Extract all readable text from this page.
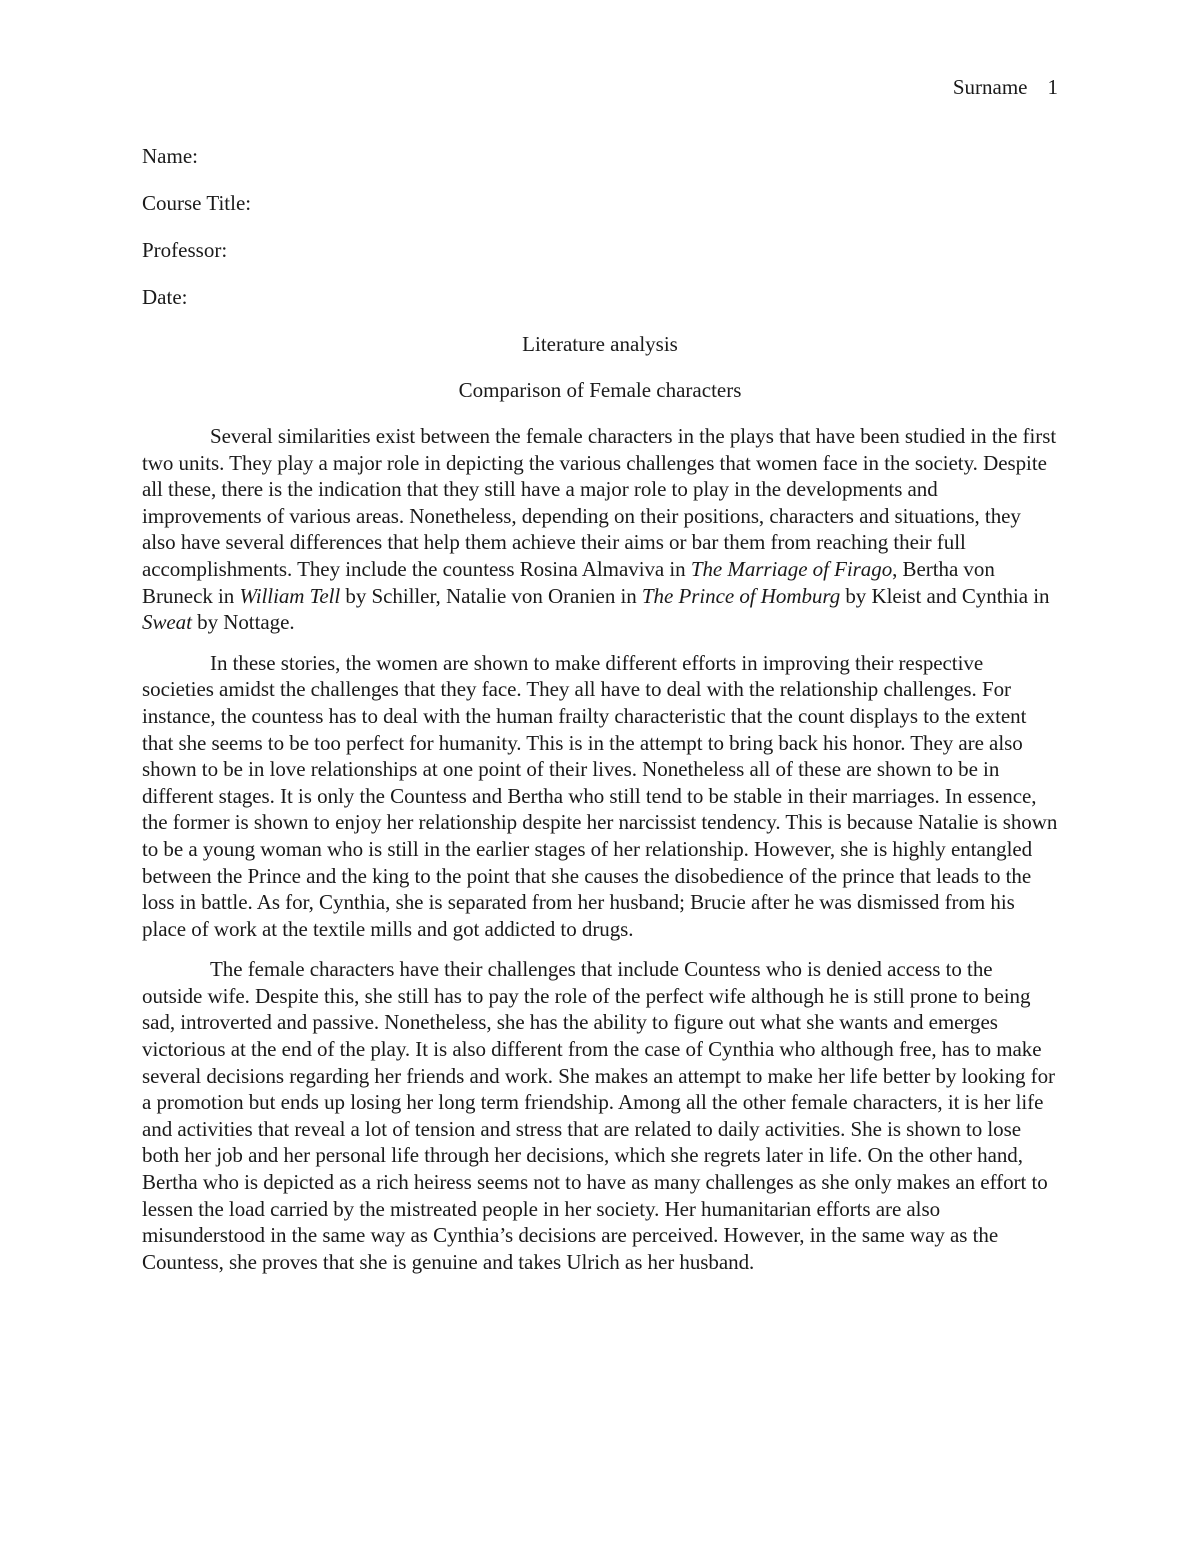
Surname 1
Name:
Course Title:
Professor:
Date:
Literature analysis
Comparison of Female characters

Several similarities exist between the female characters in the plays that have been studied in the first two units. They play a major role in depicting the various challenges that women face in the society. Despite all these, there is the indication that they still have a major role to play in the developments and improvements of various areas. Nonetheless, depending on their positions, characters and situations, they also have several differences that help them achieve their aims or bar them from reaching their full accomplishments. They include the countess Rosina Almaviva in The Marriage of Firago, Bertha von Bruneck in William Tell by Schiller, Natalie von Oranien in The Prince of Homburg by Kleist and Cynthia in Sweat by Nottage.

In these stories, the women are shown to make different efforts in improving their respective societies amidst the challenges that they face. They all have to deal with the relationship challenges. For instance, the countess has to deal with the human frailty characteristic that the count displays to the extent that she seems to be too perfect for humanity. This is in the attempt to bring back his honor. They are also shown to be in love relationships at one point of their lives. Nonetheless all of these are shown to be in different stages. It is only the Countess and Bertha who still tend to be stable in their marriages. In essence, the former is shown to enjoy her relationship despite her narcissist tendency. This is because Natalie is shown to be a young woman who is still in the earlier stages of her relationship. However, she is highly entangled between the Prince and the king to the point that she causes the disobedience of the prince that leads to the loss in battle. As for, Cynthia, she is separated from her husband; Brucie after he was dismissed from his place of work at the textile mills and got addicted to drugs.

The female characters have their challenges that include Countess who is denied access to the outside wife. Despite this, she still has to pay the role of the perfect wife although he is still prone to being sad, introverted and passive. Nonetheless, she has the ability to figure out what she wants and emerges victorious at the end of the play. It is also different from the case of Cynthia who although free, has to make several decisions regarding her friends and work. She makes an attempt to make her life better by looking for a promotion but ends up losing her long term friendship. Among all the other female characters, it is her life and activities that reveal a lot of tension and stress that are related to daily activities. She is shown to lose both her job and her personal life through her decisions, which she regrets later in life. On the other hand, Bertha who is depicted as a rich heiress seems not to have as many challenges as she only makes an effort to lessen the load carried by the mistreated people in her society. Her humanitarian efforts are also misunderstood in the same way as Cynthia’s decisions are perceived. However, in the same way as the Countess, she proves that she is genuine and takes Ulrich as her husband.
